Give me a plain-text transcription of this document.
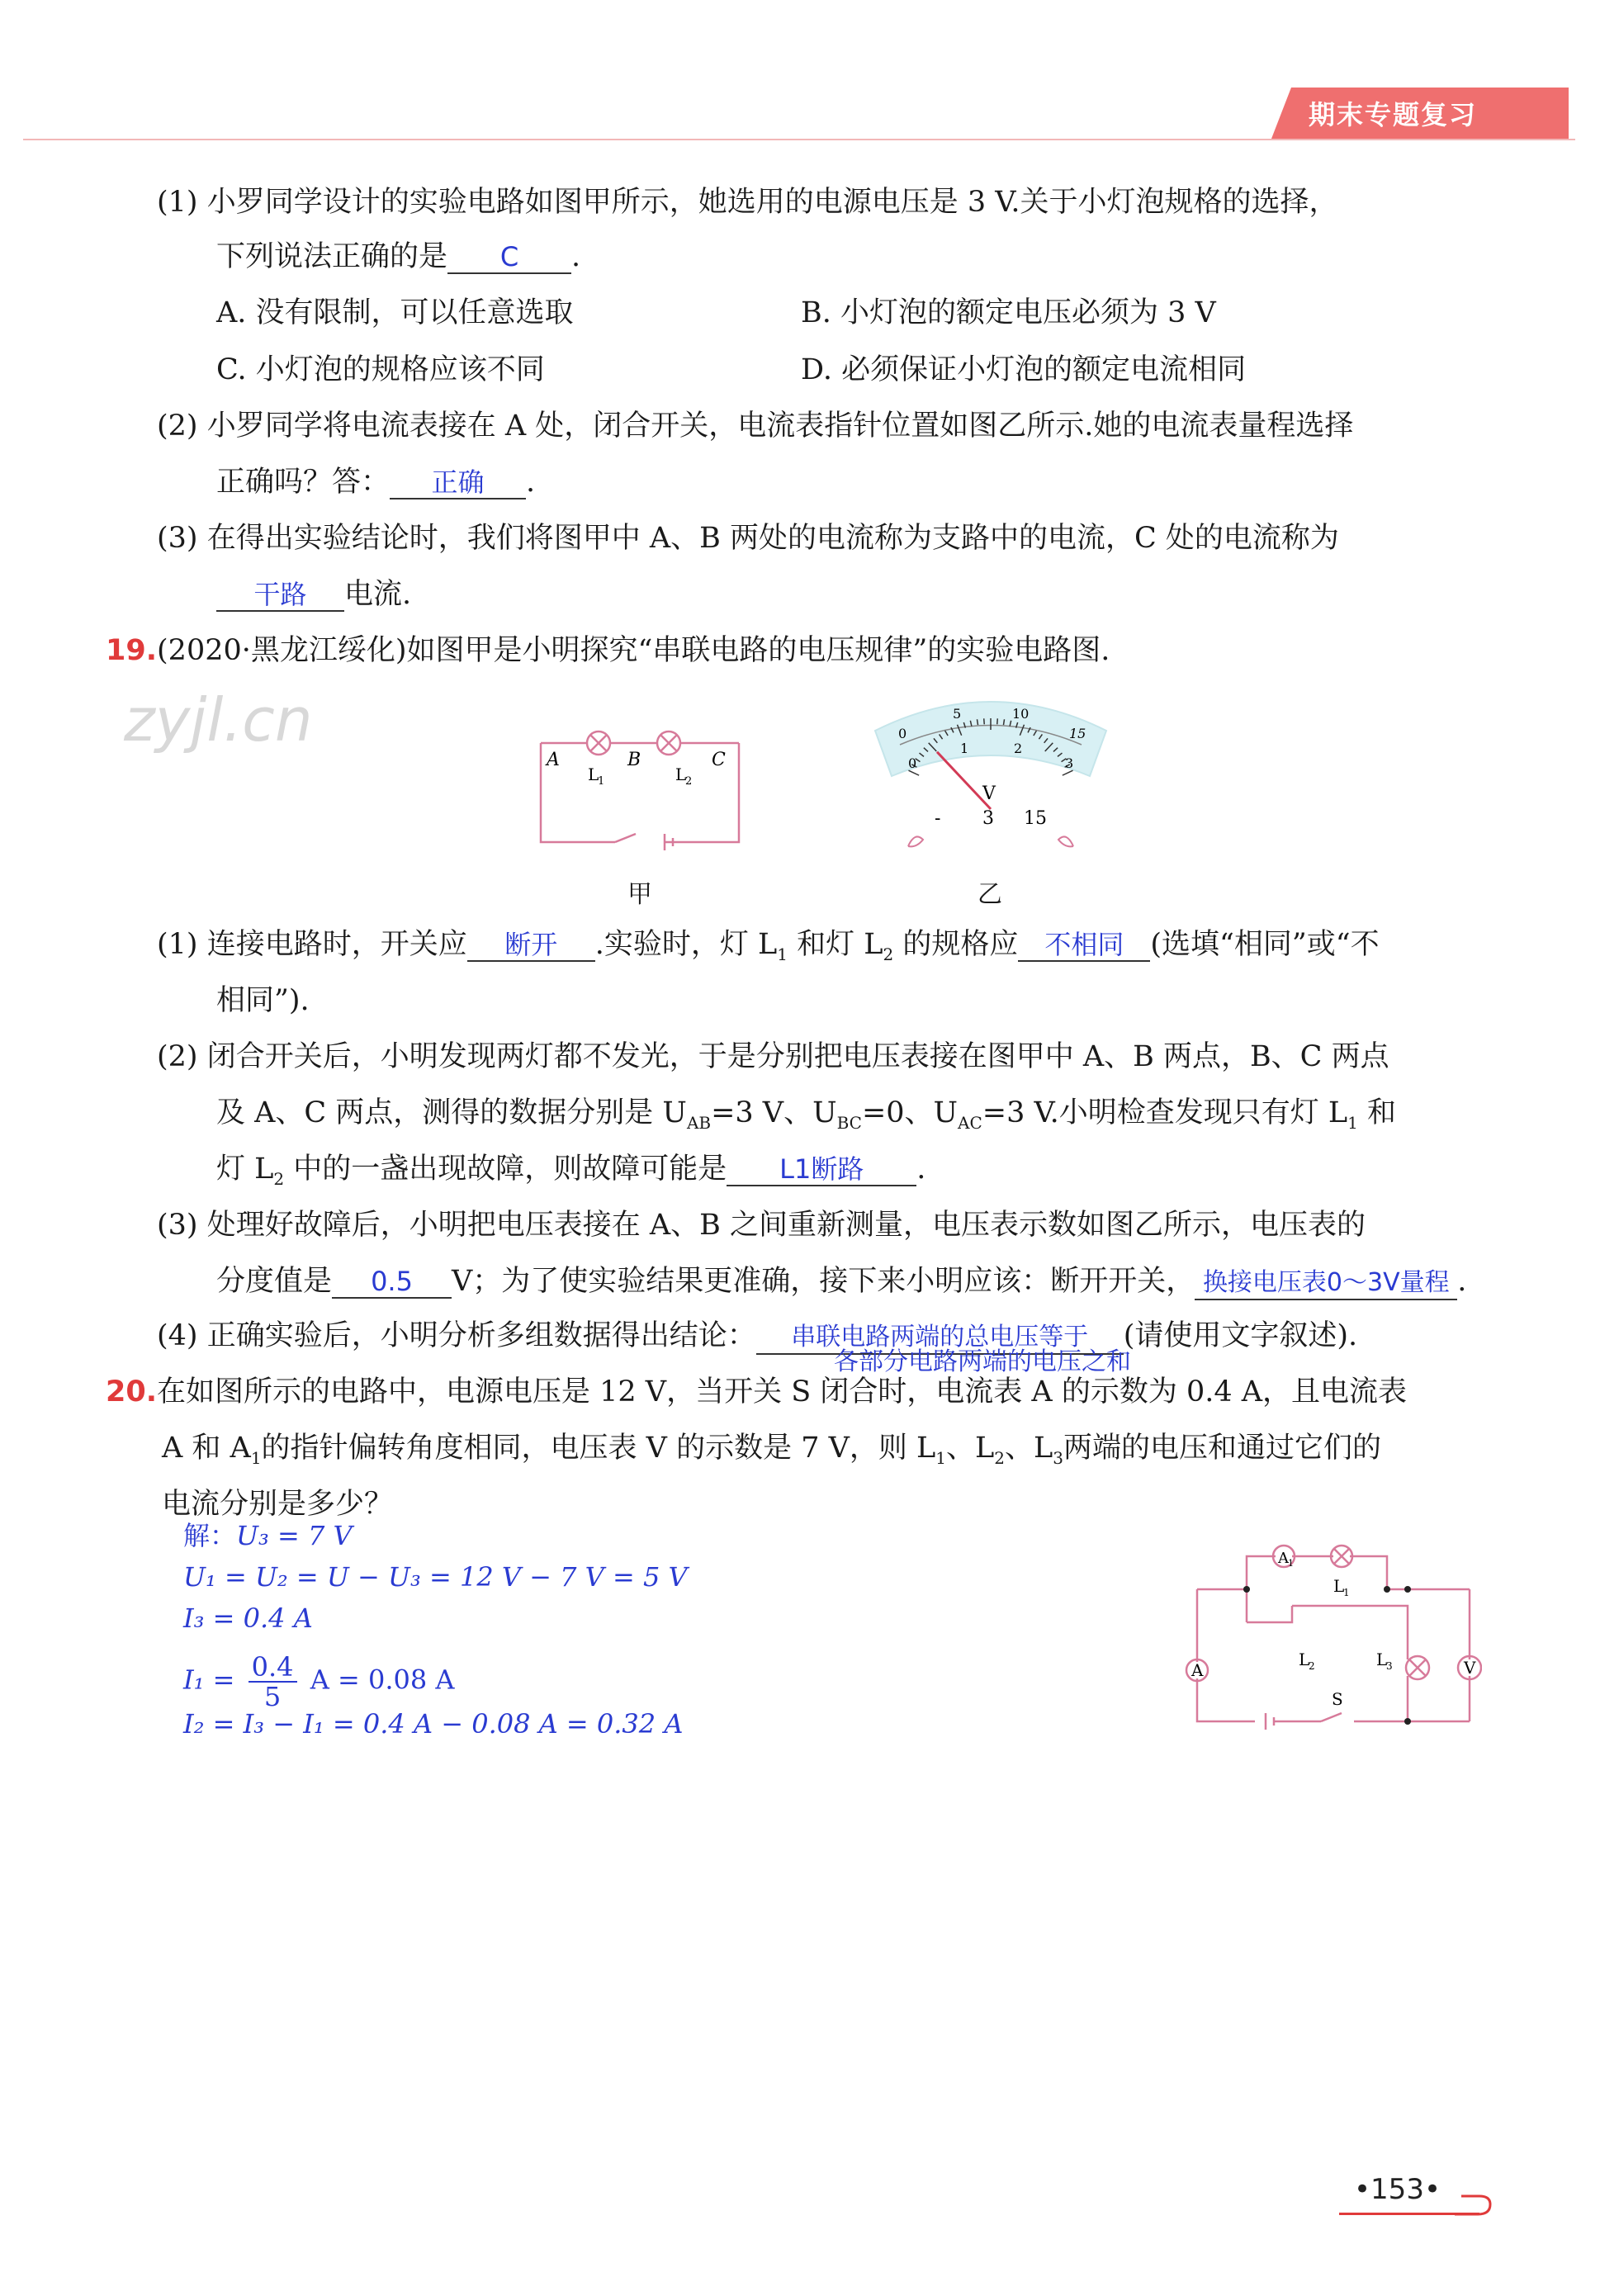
期末专题复习
zyjl.cn
(1) 小罗同学设计的实验电路如图甲所示，她选用的电源电压是 3 V.关于小灯泡规格的选择，
下列说法正确的是 C .
A. 没有限制，可以任意选取	B. 小灯泡的额定电压必须为 3 V
C. 小灯泡的规格应该不同	D. 必须保证小灯泡的额定电流相同
(2) 小罗同学将电流表接在 A 处，闭合开关，电流表指针位置如图乙所示.她的电流表量程选择
正确吗？答： 正确 .
(3) 在得出实验结论时，我们将图甲中 A、B 两处的电流称为支路中的电流，C 处的电流称为
干路 电流.
19.(2020·黑龙江绥化)如图甲是小明探究“串联电路的电压规律”的实验电路图.
A	B	C
L
1	L
2
甲
0
5	10
15
0
1	2
3
V
- 3 15
乙
(1) 连接电路时，开关应 断开 .实验时，灯 $L_1$ 和灯 $L_2$ 的规格应 不相同 (选填“相同”或“不
相同”).
(2) 闭合开关后，小明发现两灯都不发光，于是分别把电压表接在图甲中 A、B 两点，B、C 两点
及 A、C 两点，测得的数据分别是 $U_{AB}=3$ V、$U_{BC}=0$、$U_{AC}=3$ V.小明检查发现只有灯 $L_1$ 和
灯 $L_2$ 中的一盏出现故障，则故障可能是 L1断路 .
(3) 处理好故障后，小明把电压表接在 A、B 之间重新测量，电压表示数如图乙所示，电压表的
分度值是 0.5 V；为了使实验结果更准确，接下来小明应该：断开开关， 换接电压表0～3V量程 .
(4) 正确实验后，小明分析多组数据得出结论： 串联电路两端的总电压等于 (请使用文字叙述).
各部分电路两端的电压之和
20.在如图所示的电路中，电源电压是 12 V，当开关 S 闭合时，电流表 A 的示数为 0.4 A，且电流表
A 和 $A_1$的指针偏转角度相同，电压表 V 的示数是 7 V，则 $L_1$、$L_2$、$L_3$两端的电压和通过它们的
电流分别是多少？
解：U₃ = 7 V
U₁ = U₂ = U − U₃ = 12 V − 7 V = 5 V
I₃ = 0.4 A
$I_1 = \frac{0.4}{5}$ A = 0.08 A
I₂ = I₃ − I₁ = 0.4 A − 0.08 A = 0.32 A
A 1
L
1
L
2	L
3
A	V
S
•153•
